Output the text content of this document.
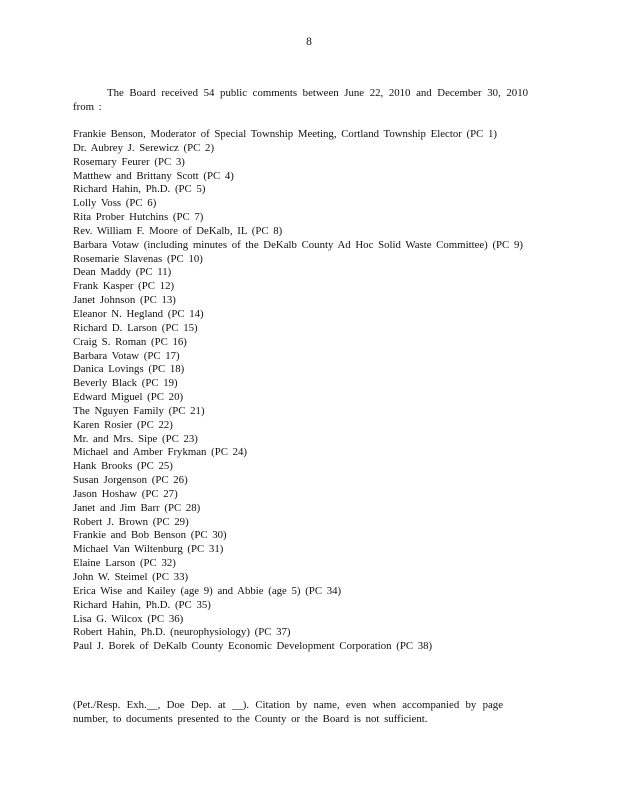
8

The Board received 54 public comments between June 22, 2010 and December 30, 2010 from :

Frankie Benson, Moderator of Special Township Meeting, Cortland Township Elector (PC 1)
Dr. Aubrey J. Serewicz (PC 2)
Rosemary Feurer (PC 3)
Matthew and Brittany Scott (PC 4)
Richard Hahin, Ph.D. (PC 5)
Lolly Voss (PC 6)
Rita Prober Hutchins (PC 7)
Rev. William F. Moore of DeKalb, IL (PC 8)
Barbara Votaw (including minutes of the DeKalb County Ad Hoc Solid Waste Committee) (PC 9)
Rosemarie Slavenas (PC 10)
Dean Maddy (PC 11)
Frank Kasper (PC 12)
Janet Johnson (PC 13)
Eleanor N. Hegland (PC 14)
Richard D. Larson (PC 15)
Craig S. Roman (PC 16)
Barbara Votaw (PC 17)
Danica Lovings (PC 18)
Beverly Black (PC 19)
Edward Miguel (PC 20)
The Nguyen Family (PC 21)
Karen Rosier (PC 22)
Mr. and Mrs. Sipe (PC 23)
Michael and Amber Frykman (PC 24)
Hank Brooks (PC 25)
Susan Jorgenson (PC 26)
Jason Hoshaw (PC 27)
Janet and Jim Barr (PC 28)
Robert J. Brown (PC 29)
Frankie and Bob Benson (PC 30)
Michael Van Wiltenburg (PC 31)
Elaine Larson (PC 32)
John W. Steimel (PC 33)
Erica Wise and Kailey (age 9) and Abbie (age 5) (PC 34)
Richard Hahin, Ph.D. (PC 35)
Lisa G. Wilcox (PC 36)
Robert Hahin, Ph.D. (neurophysiology) (PC 37)
Paul J. Borek of DeKalb County Economic Development Corporation (PC 38)

(Pet./Resp. Exh.__, Doe Dep. at __). Citation by name, even when accompanied by page number, to documents presented to the County or the Board is not sufficient.
